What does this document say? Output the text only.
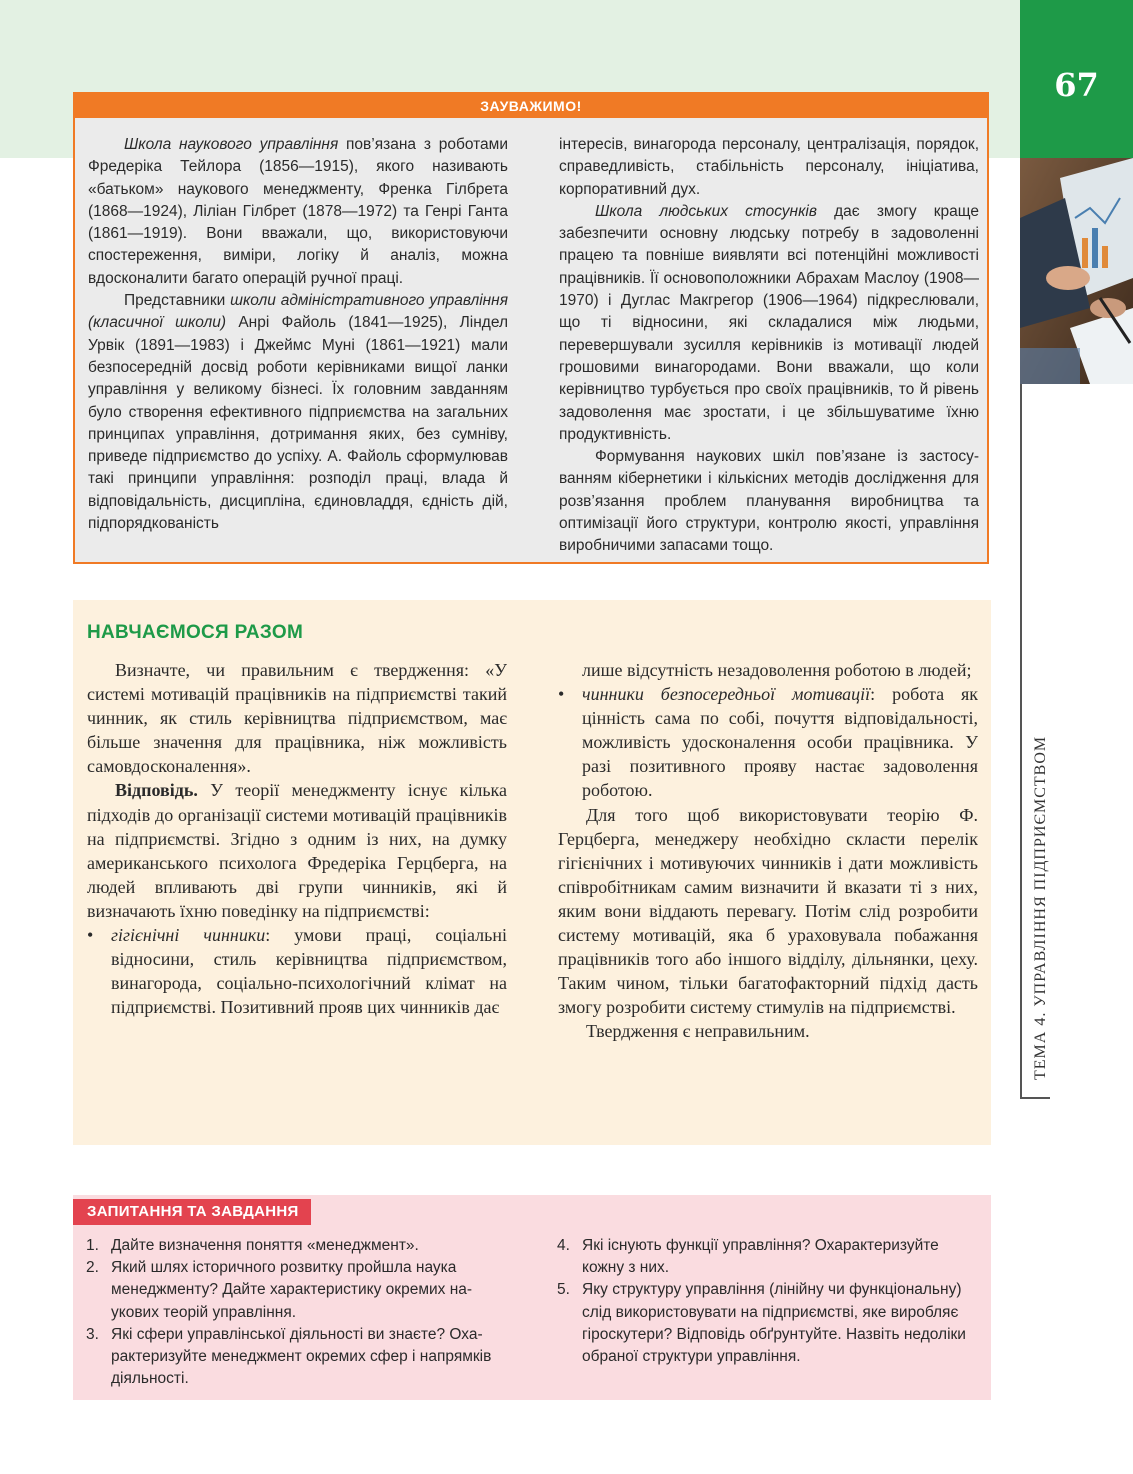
67
ТЕМА 4. УПРАВЛІННЯ ПІДПРИЄМСТВОМ
ЗАУВАЖИМО!

Школа наукового управління пов’язана з роботами Фредеріка Тейлора (1856—1915), якого називають «батьком» наукового менеджменту, Френка Гілбрета (1868—1924), Ліліан Гілбрет (1878—1972) та Генрі Ганта (1861—1919). Вони вважали, що, використовуючи спостереження, виміри, логіку й аналіз, можна вдосконалити багато операцій ручної праці.

Представники школи адміністративного управління (класичної школи) Анрі Файоль (1841—1925), Ліндел Урвік (1891—1983) і Джеймс Муні (1861—1921) мали безпосередній досвід роботи керівниками вищої ланки управління у великому бізнесі. Їх головним завданням було створення ефективного підприємства на загальних принципах управління, дотримання яких, без сумніву, приведе підприємство до успіху. А. Файоль сформулював такі принципи управління: розподіл праці, влада й відповідальність, дисципліна, єдиновладдя, єдність дій, підпорядкованість

інтересів, винагорода персоналу, централізація, порядок, справедливість, стабільність персоналу, ініціатива, корпоративний дух.

Школа людських стосунків дає змогу краще забезпечити основну людську потребу в задоволенні працею та повніше виявляти всі потенційні можливості працівників. Її основоположники Абрахам Маслоу (1908—1970) і Дуглас Макгрегор (1906—1964) підкреслювали, що ті відносини, які складалися між людьми, перевершували зусилля керівників із мотивації людей грошовими винагородами. Вони вважали, що коли керівництво турбується про своїх працівників, то й рівень задоволення має зростати, і це збільшуватиме їхню продуктивність.

Формування наукових шкіл пов’язане із застосуванням кібернетики і кількісних методів дослідження для розв’язання проблем планування виробництва та оптимізації його структури, контролю якості, управління виробничими запасами тощо.

НАВЧАЄМОСЯ РАЗОМ

Визначте, чи правильним є твердження: «У системі мотивацій працівників на підприємстві такий чинник, як стиль керівництва підприємством, має більше значення для працівника, ніж можливість самовдосконалення».

Відповідь. У теорії менеджменту існує кілька підходів до організації системи мотивацій працівників на підприємстві. Згідно з одним із них, на думку американського психолога Фредеріка Герцберга, на людей впливають дві групи чинників, які й визначають їхню поведінку на підприємстві:

• гігієнічні чинники: умови праці, соціальні відносини, стиль керівництва підприємством, винагорода, соціально-психологічний клімат на підприємстві. Позитивний прояв цих чинників дає

лише відсутність незадоволення роботою в людей;

• чинники безпосередньої мотивації: робота як цінність сама по собі, почуття відповідальності, можливість удосконалення особи працівника. У разі позитивного прояву настає задоволення роботою.

Для того щоб використовувати теорію Ф. Герцберга, менеджеру необхідно скласти перелік гігієнічних і мотивуючих чинників і дати можливість співробітникам самим визначити й вказати ті з них, яким вони віддають перевагу. Потім слід розробити систему мотивацій, яка б ураховувала побажання працівників того або іншого відділу, дільнянки, цеху. Таким чином, тільки багатофакторний підхід дасть змогу розробити систему стимулів на підприємстві.

Твердження є неправильним.

ЗАПИТАННЯ ТА ЗАВДАННЯ
1. Дайте визначення поняття «менеджмент».
2. Який шлях історичного розвитку пройшла наука менеджменту? Дайте характеристику окремих наукових теорій управління.
3. Які сфери управлінської діяльності ви знаєте? Охарактеризуйте менеджмент окремих сфер і напрямків діяльності.
4. Які існують функції управління? Охарактеризуйте кожну з них.
5. Яку структуру управління (лінійну чи функціональну) слід використовувати на підприємстві, яке виробляє гіроскутери? Відповідь обґрунтуйте. Назвіть недоліки обраної структури управління.
